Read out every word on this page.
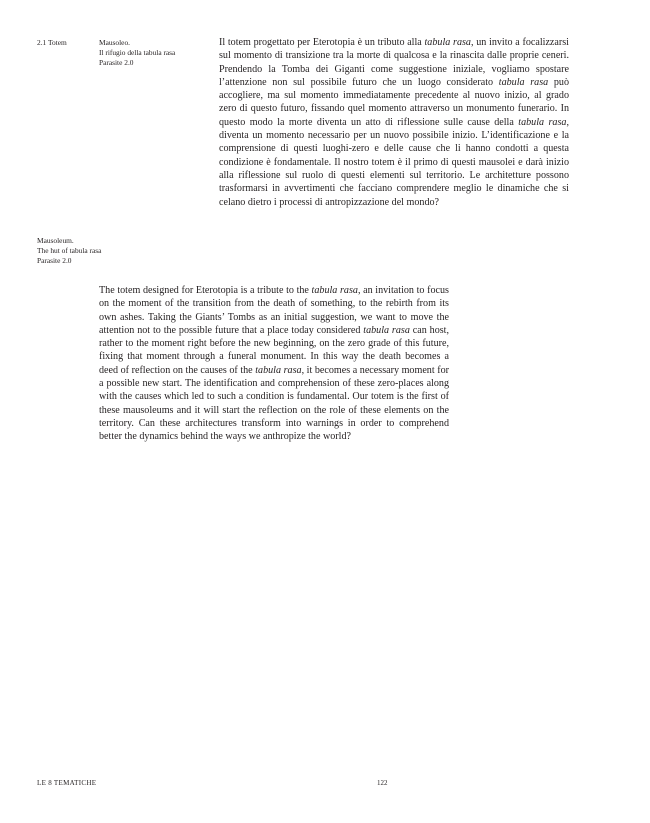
2.1 Totem	Mausoleo.
Il rifugio della tabula rasa
Parasite 2.0

Il totem progettato per Eterotopia è un tributo alla tabula rasa, un invito a focalizzarsi sul momento di transizione tra la morte di qualcosa e la rinascita dalle proprie ceneri. Prendendo la Tomba dei Giganti come suggestione iniziale, vogliamo spostare l’attenzione non sul possibile futuro che un luogo considerato tabula rasa può accogliere, ma sul momento immediatamente precedente al nuovo inizio, al grado zero di questo futuro, fissando quel momento attraverso un monumento funerario. In questo modo la morte diventa un atto di riflessione sulle cause della tabula rasa, diventa un momento necessario per un nuovo possibile inizio. L’identificazione e la comprensione di questi luoghi-zero e delle cause che li hanno condotti a questa condizione è fondamentale. Il nostro totem è il primo di questi mausolei e darà inizio alla riflessione sul ruolo di questi elementi sul territorio. Le architetture possono trasformarsi in avvertimenti che facciano comprendere meglio le dinamiche che si celano dietro i processi di antropizzazione del mondo?

Mausoleum.
The hut of tabula rasa
Parasite 2.0

The totem designed for Eterotopia is a tribute to the tabula rasa, an invitation to focus on the moment of the transition from the death of something, to the rebirth from its own ashes. Taking the Giants’ Tombs as an initial suggestion, we want to move the attention not to the possible future that a place today considered tabula rasa can host, rather to the moment right before the new beginning, on the zero grade of this future, fixing that moment through a funeral monument. In this way the death becomes a deed of reflection on the causes of the tabula rasa, it becomes a necessary moment for a possible new start. The identification and comprehension of these zero-places along with the causes which led to such a condition is fundamental. Our totem is the first of these mausoleums and it will start the reflection on the role of these elements on the territory. Can these architectures transform into warnings in order to comprehend better the dynamics behind the ways we anthropize the world?

LE 8 TEMATICHE	122
